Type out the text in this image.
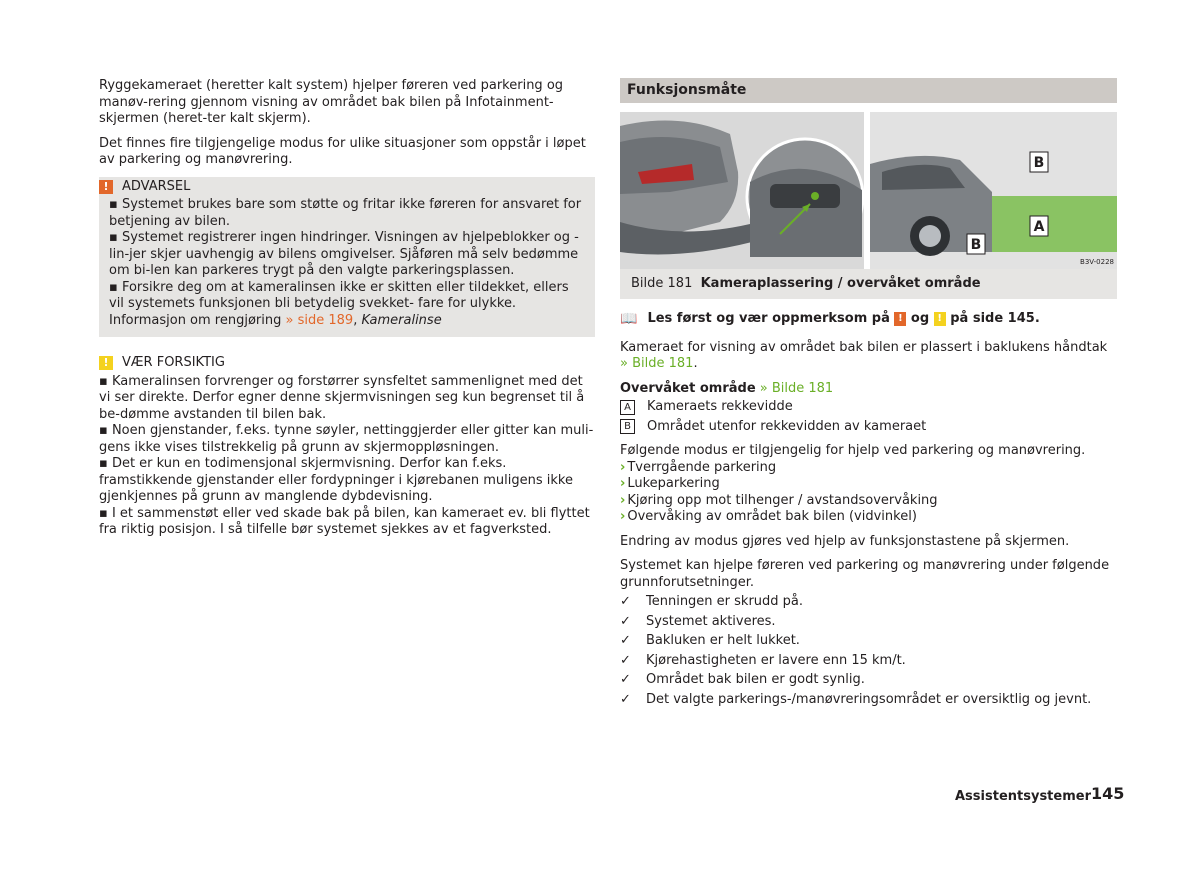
Ryggekameraet (heretter kalt system) hjelper føreren ved parkering og manøv-rering gjennom visning av området bak bilen på Infotainment-skjermen (heret-ter kalt skjerm).

Det finnes fire tilgjengelige modus for ulike situasjoner som oppstår i løpet av parkering og manøvrering.

!	ADVARSEL
▪ Systemet brukes bare som støtte og fritar ikke føreren for ansvaret for betjening av bilen.
▪ Systemet registrerer ingen hindringer. Visningen av hjelpeblokker og -lin-jer skjer uavhengig av bilens omgivelser. Sjåføren må selv bedømme om bi-len kan parkeres trygt på den valgte parkeringsplassen.
▪ Forsikre deg om at kameralinsen ikke er skitten eller tildekket, ellers vil systemets funksjonen bli betydelig svekket- fare for ulykke. Informasjon om rengjøring » side 189, Kameralinse
!	VÆR FORSIKTIG
▪ Kameralinsen forvrenger og forstørrer synsfeltet sammenlignet med det vi ser direkte. Derfor egner denne skjermvisningen seg kun begrenset til å be-dømme avstanden til bilen bak.
▪ Noen gjenstander, f.eks. tynne søyler, nettinggjerder eller gitter kan muli-gens ikke vises tilstrekkelig på grunn av skjermoppløsningen.
▪ Det er kun en todimensjonal skjermvisning. Derfor kan f.eks. framstikkende gjenstander eller fordypninger i kjørebanen muligens ikke gjenkjennes på grunn av manglende dybdevisning.
▪ I et sammenstøt eller ved skade bak på bilen, kan kameraet ev. bli flyttet fra riktig posisjon. I så tilfelle bør systemet sjekkes av et fagverksted.
Funksjonsmåte
B
A
B
B3V-0228
Bilde 181 Kameraplassering / overvåket område
📖 Les først og vær oppmerksom på
!
og
!
på side 145.

Kameraet for visning av området bak bilen er plassert i baklukens håndtak » Bilde 181.

Overvåket område » Bilde 181
A	Kameraets rekkevidde
B	Området utenfor rekkevidden av kameraet
Følgende modus er tilgjengelig for hjelp ved parkering og manøvrering.
› Tverrgående parkering
› Lukeparkering
› Kjøring opp mot tilhenger / avstandsovervåking
› Overvåking av området bak bilen (vidvinkel)

Endring av modus gjøres ved hjelp av funksjonstastene på skjermen.

Systemet kan hjelpe føreren ved parkering og manøvrering under følgende grunnforutsetninger.

✓	Tenningen er skrudd på.
✓	Systemet aktiveres.
✓	Bakluken er helt lukket.
✓	Kjørehastigheten er lavere enn 15 km/t.
✓	Området bak bilen er godt synlig.
✓	Det valgte parkerings-/manøvreringsområdet er oversiktlig og jevnt.
Assistentsystemer 145
